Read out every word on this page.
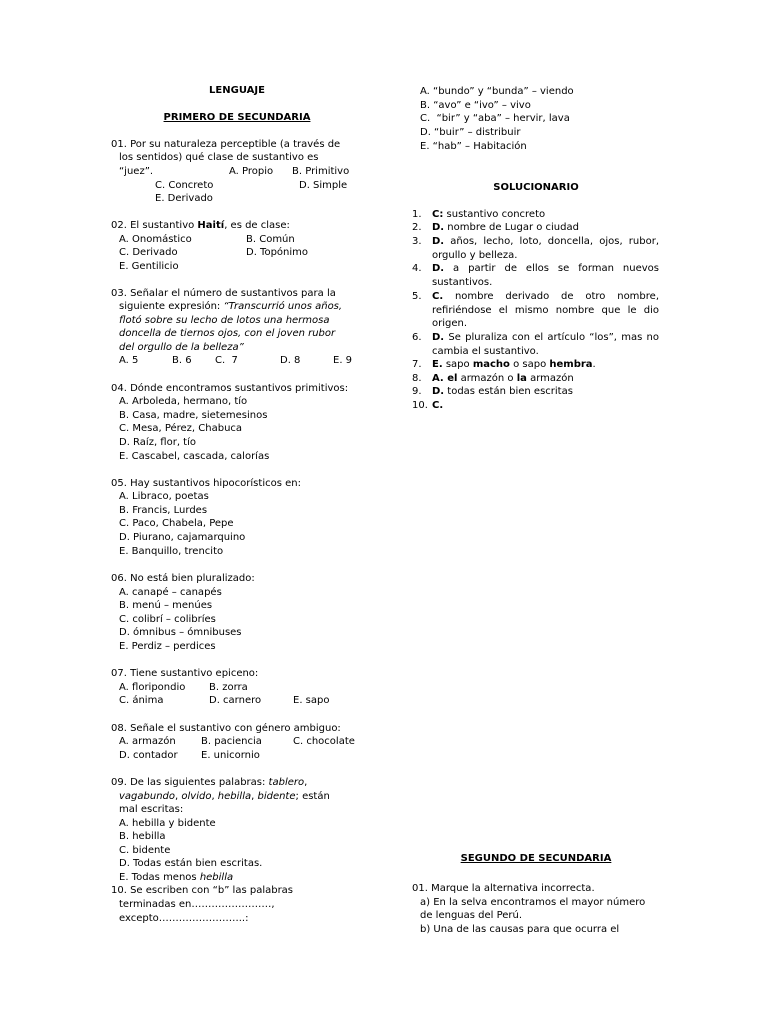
LENGUAJE
PRIMERO DE SECUNDARIA
01. Por su naturaleza perceptible (a través de
los sentidos) qué clase de sustantivo es
“juez”.	A. Propio B. Primitivo
C. Concreto	D. Simple
E. Derivado
02. El sustantivo Haití, es de clase:
A. Onomástico	B. Común
C. Derivado	D. Topónimo
E. Gentilicio
03. Señalar el número de sustantivos para la
siguiente expresión: “Transcurrió unos años,
flotó sobre su lecho de lotos una hermosa
doncella de tiernos ojos, con el joven rubor
del orgullo de la belleza”
A. 5	B. 6 C.  7	D. 8	E. 9
04. Dónde encontramos sustantivos primitivos:
A. Arboleda, hermano, tío
B. Casa, madre, sietemesinos
C. Mesa, Pérez, Chabuca
D. Raíz, flor, tío
E. Cascabel, cascada, calorías
05. Hay sustantivos hipocorísticos en:
A. Libraco, poetas
B. Francis, Lurdes
C. Paco, Chabela, Pepe
D. Piurano, cajamarquino
E. Banquillo, trencito
06. No está bien pluralizado:
A. canapé – canapés
B. menú – menúes
C. colibrí – colibríes
D. ómnibus – ómnibuses
E. Perdiz – perdices
07. Tiene sustantivo epiceno:
A. floripondio B. zorra
C. ánima	D. carnero	E. sapo
08. Señale el sustantivo con género ambiguo:
A. armazón	B. paciencia	C. chocolate
D. contador E. unicornio
09. De las siguientes palabras: tablero,
vagabundo, olvido, hebilla, bidente; están
mal escritas:
A. hebilla y bidente
B. hebilla
C. bidente
D. Todas están bien escritas.
E. Todas menos hebilla
10. Se escriben con “b” las palabras
terminadas en……………………,
excepto……………………..:
A. “bundo” y “bunda” – viendo
B. “avo” e “ivo” – vivo
C.  “bir” y “aba” – hervir, lava
D. “buir” – distribuir
E. “hab” – Habitación
SOLUCIONARIO
1. C: sustantivo concreto
2. D. nombre de Lugar o ciudad
3. D. años, lecho, loto, doncella, ojos, rubor, orgullo y belleza.
4. D. a partir de ellos se forman nuevos sustantivos.
5. C. nombre derivado de otro nombre, refiriéndose el mismo nombre que le dio origen.
6. D. Se pluraliza con el artículo “los”, mas no cambia el sustantivo.
7. E. sapo macho o sapo hembra.
8. A. el armazón o la armazón
9. D. todas están bien escritas
10. C.
SEGUNDO DE SECUNDARIA
01. Marque la alternativa incorrecta.
a) En la selva encontramos el mayor número
de lenguas del Perú.
b) Una de las causas para que ocurra el
